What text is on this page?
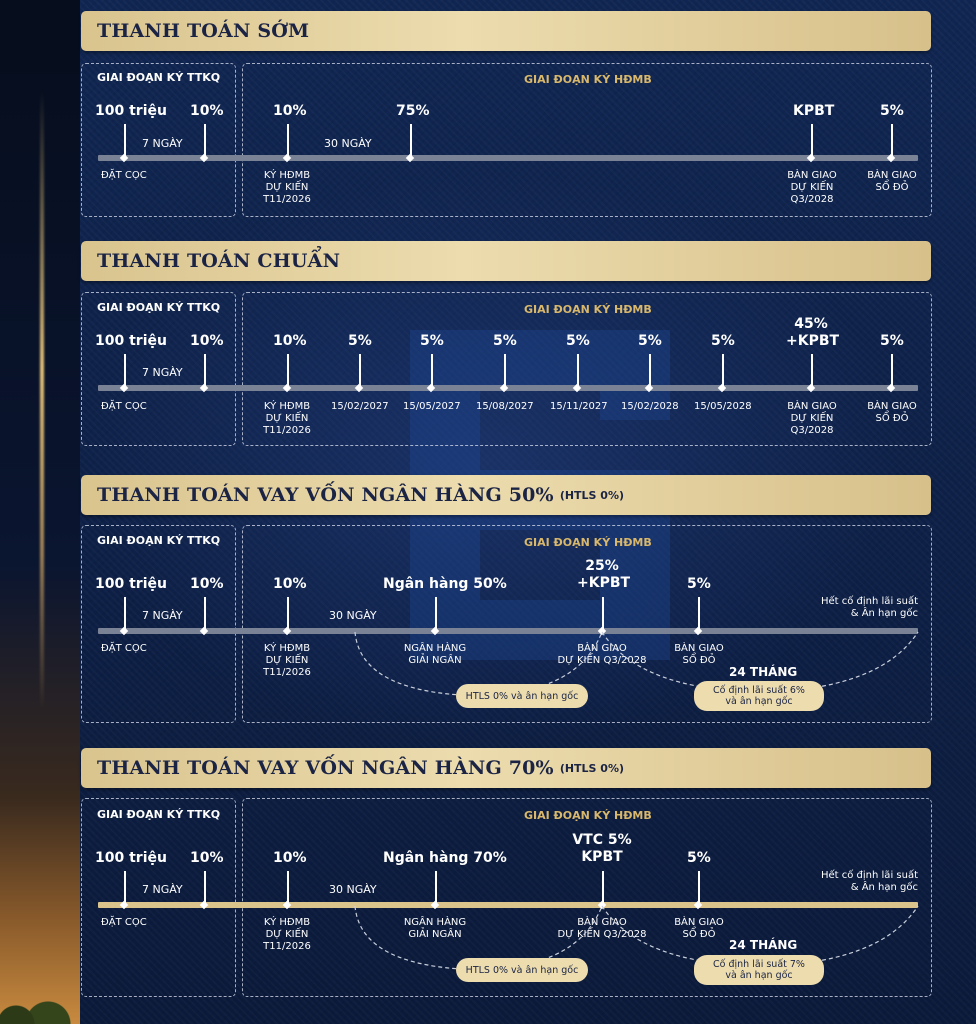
THANH TOÁN SỚM
GIAI ĐOẠN KÝ TTKQ	GIAI ĐOẠN KÝ HĐMB
100 triệu
ĐẶT CỌC
7 NGÀY
10%	10%
KÝ HĐMB
DỰ KIẾN
T11/2026
30 NGÀY
75%	KPBT
BÀN GIAO
DỰ KIẾN
Q3/2028
5%
BÀN GIAO
SỔ ĐỎ
THANH TOÁN CHUẨN
GIAI ĐOẠN KÝ TTKQ	GIAI ĐOẠN KÝ HĐMB
100 triệu
ĐẶT CỌC
7 NGÀY
10%	10%
KÝ HĐMB
DỰ KIẾN
T11/2026
5%
15/02/2027
5%
15/05/2027
5%
15/08/2027
5%
15/11/2027
5%
15/02/2028
5%
15/05/2028
45%
+KPBT
BÀN GIAO
DỰ KIẾN
Q3/2028
5%
BÀN GIAO
SỔ ĐỎ
THANH TOÁN VAY VỐN NGÂN HÀNG 50% (HTLS 0%)
GIAI ĐOẠN KÝ TTKQ	GIAI ĐOẠN KÝ HĐMB
100 triệu
ĐẶT CỌC
7 NGÀY
10%	10%
KÝ HĐMB
DỰ KIẾN
T11/2026
30 NGÀY
Ngân hàng 50%
NGÂN HÀNG
GIẢI NGÂN
25%
+KPBT
BÀN GIAO
DỰ KIẾN Q3/2028
5%
BÀN GIAO
SỔ ĐỎ
Hết cố định lãi suất
& Ân hạn gốc
24 THÁNG
HTLS 0% và ân hạn gốc	Cố định lãi suất 6%
và ân hạn gốc
THANH TOÁN VAY VỐN NGÂN HÀNG 70% (HTLS 0%)
GIAI ĐOẠN KÝ TTKQ	GIAI ĐOẠN KÝ HĐMB
100 triệu
ĐẶT CỌC
7 NGÀY
10%	10%
KÝ HĐMB
DỰ KIẾN
T11/2026
30 NGÀY
Ngân hàng 70%
NGÂN HÀNG
GIẢI NGÂN
VTC 5%
KPBT
BÀN GIAO
DỰ KIẾN Q3/2028
5%
BÀN GIAO
SỔ ĐỎ
Hết cố định lãi suất
& Ân hạn gốc
24 THÁNG
HTLS 0% và ân hạn gốc	Cố định lãi suất 7%
và ân hạn gốc
